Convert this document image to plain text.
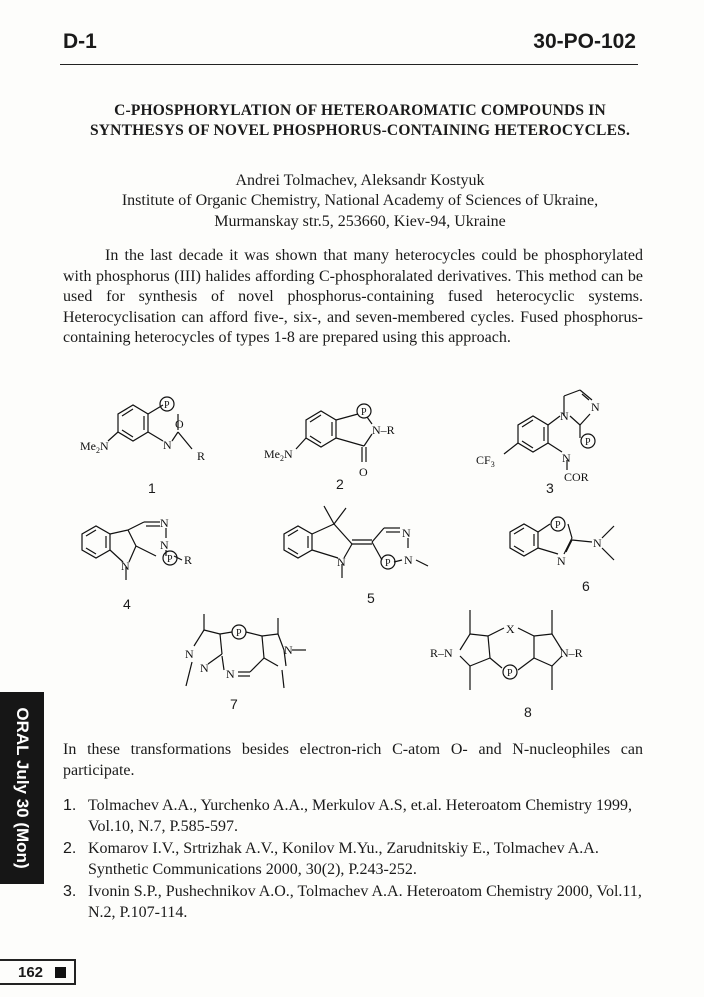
D-1	30-PO-102
C-PHOSPHORYLATION OF HETEROAROMATIC COMPOUNDS IN
SYNTHESYS OF NOVEL PHOSPHORUS-CONTAINING HETEROCYCLES.
Andrei Tolmachev, Aleksandr Kostyuk
Institute of Organic Chemistry, National Academy of Sciences of Ukraine,
Murmanskay str.5, 253660, Kiev-94, Ukraine
In the last decade it was shown that many heterocycles could be phosphorylated with phosphorus (III) halides affording C-phosphoralated derivatives. This method can be used for synthesis of novel phosphorus-containing fused heterocyclic systems. Heterocyclisation can afford five-, six-, and seven-membered cycles. Fused phosphorus-containing heterocycles of types 1-8 are prepared using this approach.
P
O
N
R
$Me_2N$
1
P
N–R
O
$Me_2N$
2
P
N
N
N
COR
$CF_3$
3
P
N
N
N	R
4
P
N
N
N
5
P
N
N
6
P
N
N
N
N
7
P
X
R–N	N–R
8
In these transformations besides electron-rich C-atom O- and N-nucleophiles can participate.
1. Tolmachev A.A., Yurchenko A.A., Merkulov A.S, et.al. Heteroatom Chemistry 1999, Vol.10, N.7, P.585-597.
2. Komarov I.V., Srtrizhak A.V., Konilov M.Yu., Zarudnitskiy E., Tolmachev A.A. Synthetic Communications 2000, 30(2), P.243-252.
3. Ivonin S.P., Pushechnikov A.O., Tolmachev A.A. Heteroatom Chemistry 2000, Vol.11, N.2, P.107-114.
ORAL July 30 (Mon)
162
